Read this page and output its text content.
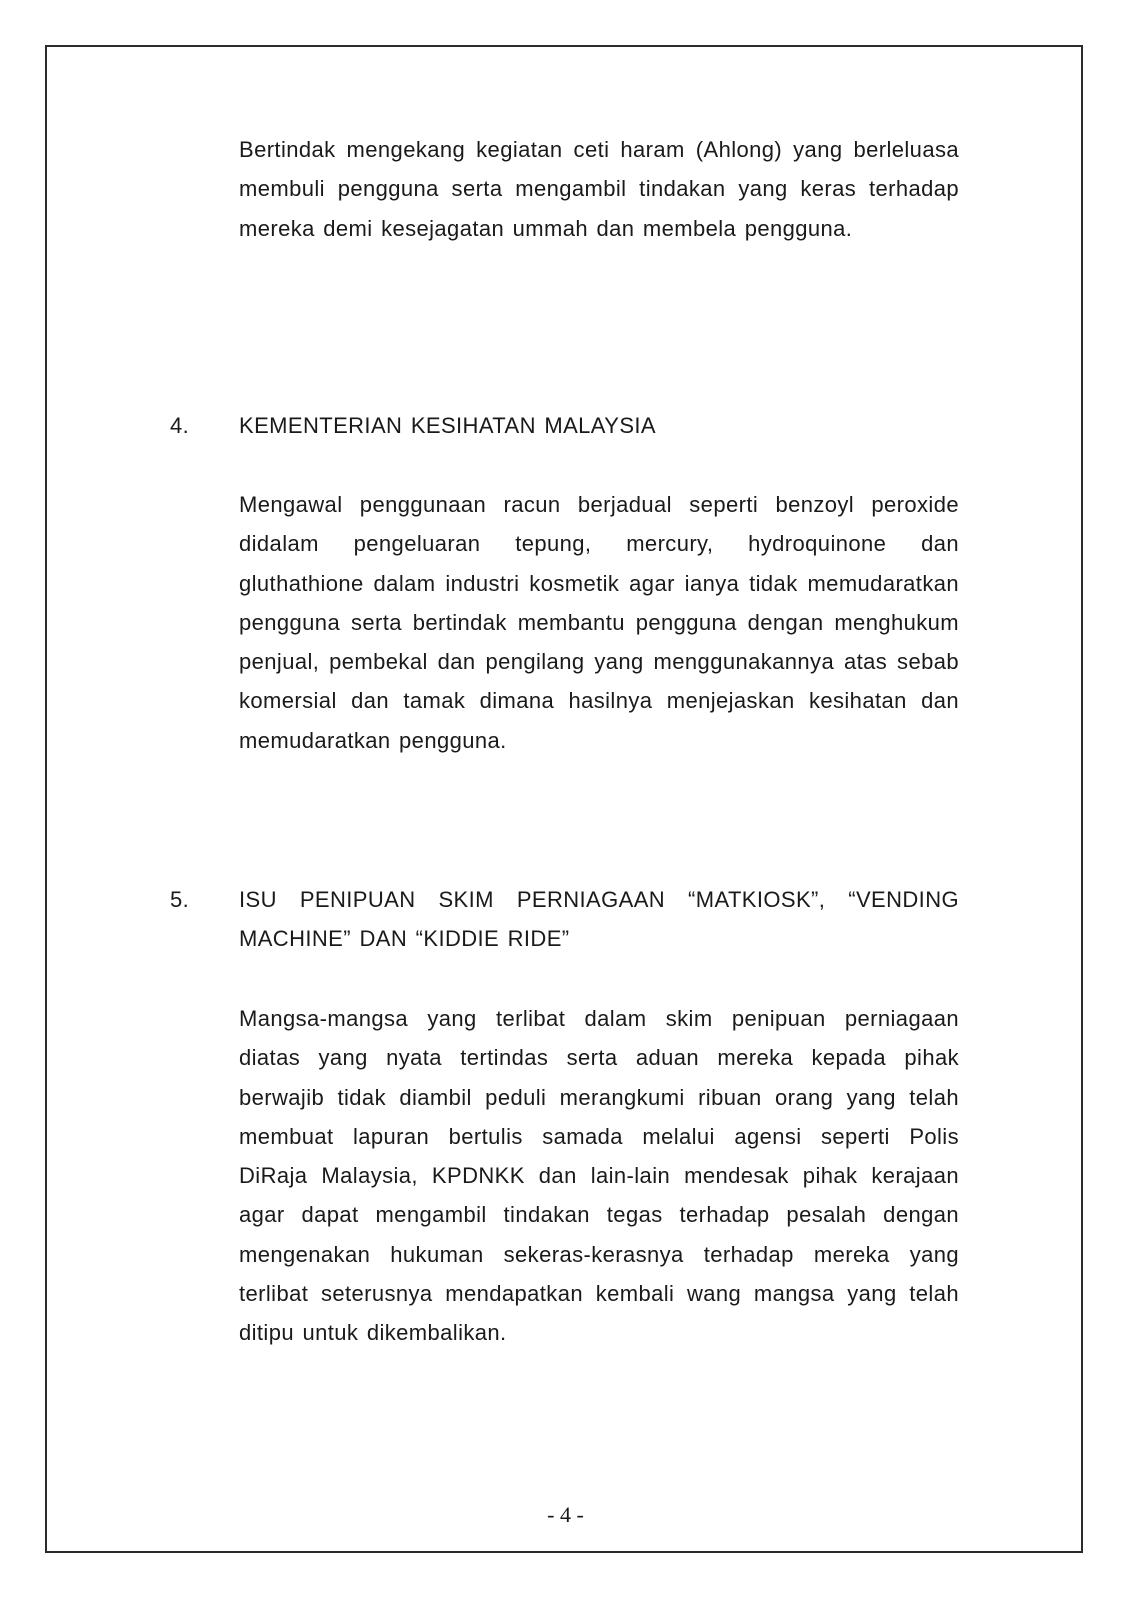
Bertindak mengekang kegiatan ceti haram (Ahlong) yang berleluasa membuli pengguna serta mengambil tindakan yang keras terhadap mereka demi kesejagatan ummah dan membela pengguna.

4. KEMENTERIAN KESIHATAN MALAYSIA

Mengawal penggunaan racun berjadual seperti benzoyl peroxide didalam pengeluaran tepung, mercury, hydroquinone dan gluthathione dalam industri kosmetik agar ianya tidak memudaratkan pengguna serta bertindak membantu pengguna dengan menghukum penjual, pembekal dan pengilang yang menggunakannya atas sebab komersial dan tamak dimana hasilnya menjejaskan kesihatan dan memudaratkan pengguna.

5. ISU PENIPUAN SKIM PERNIAGAAN “MATKIOSK”, “VENDING MACHINE” DAN “KIDDIE RIDE”

Mangsa-mangsa yang terlibat dalam skim penipuan perniagaan diatas yang nyata tertindas serta aduan mereka kepada pihak berwajib tidak diambil peduli merangkumi ribuan orang yang telah membuat lapuran bertulis samada melalui agensi seperti Polis DiRaja Malaysia, KPDNKK dan lain-lain mendesak pihak kerajaan agar dapat mengambil tindakan tegas terhadap pesalah dengan mengenakan hukuman sekeras-kerasnya terhadap mereka yang terlibat seterusnya mendapatkan kembali wang mangsa yang telah ditipu untuk dikembalikan.

- 4 -
